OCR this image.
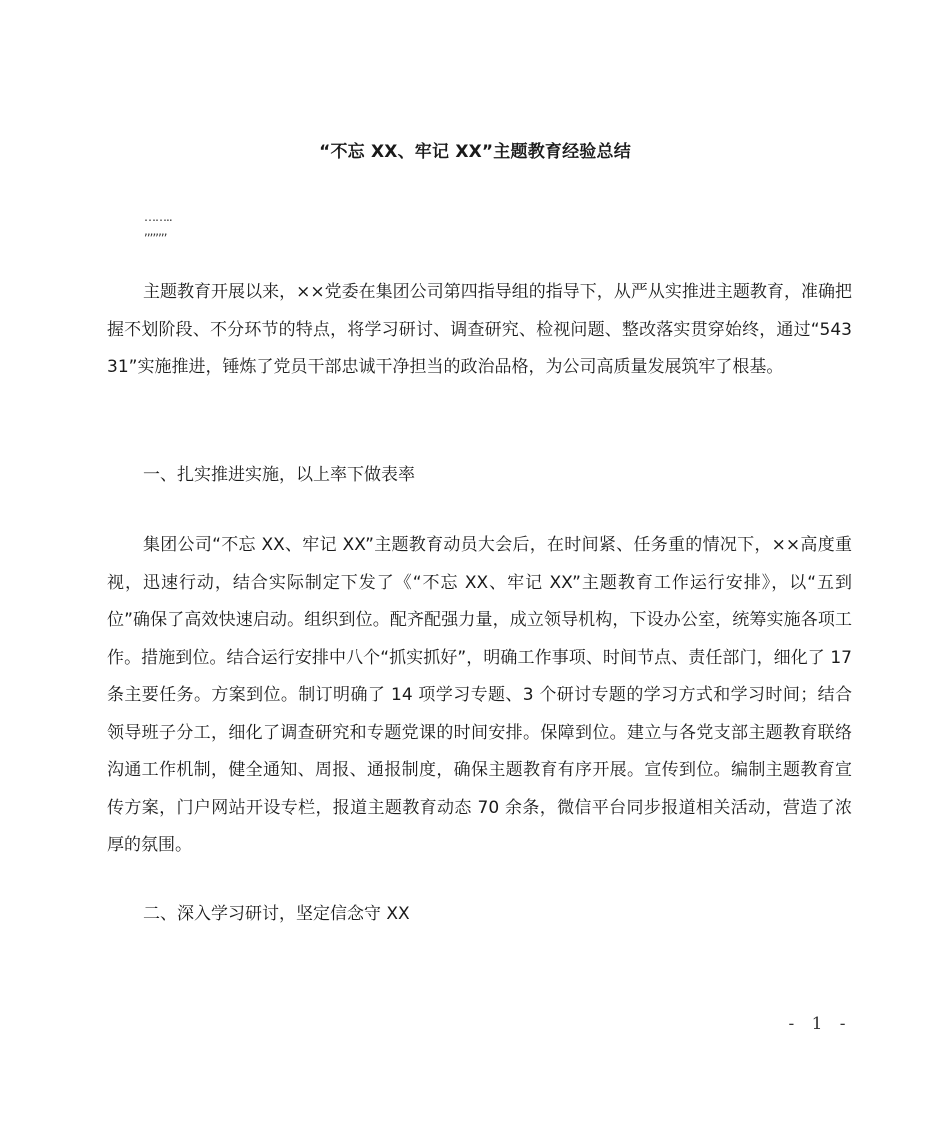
“不忘 XX、牢记 XX”主题教育经验总结
……..
,,,,,,,,

主题教育开展以来，××党委在集团公司第四指导组的指导下，从严从实推进主题教育，准确把握不划阶段、不分环节的特点，将学习研讨、调查研究、检视问题、整改落实贯穿始终，通过“54331”实施推进，锤炼了党员干部忠诚干净担当的政治品格，为公司高质量发展筑牢了根基。

一、扎实推进实施，以上率下做表率

集团公司“不忘 XX、牢记 XX”主题教育动员大会后，在时间紧、任务重的情况下，××高度重视，迅速行动，结合实际制定下发了《“不忘 XX、牢记 XX”主题教育工作运行安排》，以“五到位”确保了高效快速启动。组织到位。配齐配强力量，成立领导机构，下设办公室，统筹实施各项工作。措施到位。结合运行安排中八个“抓实抓好”，明确工作事项、时间节点、责任部门，细化了 17 条主要任务。方案到位。制订明确了 14 项学习专题、3 个研讨专题的学习方式和学习时间；结合领导班子分工，细化了调查研究和专题党课的时间安排。保障到位。建立与各党支部主题教育联络沟通工作机制，健全通知、周报、通报制度，确保主题教育有序开展。宣传到位。编制主题教育宣传方案，门户网站开设专栏，报道主题教育动态 70 余条，微信平台同步报道相关活动，营造了浓厚的氛围。

二、深入学习研讨，坚定信念守 XX

- 1 -
